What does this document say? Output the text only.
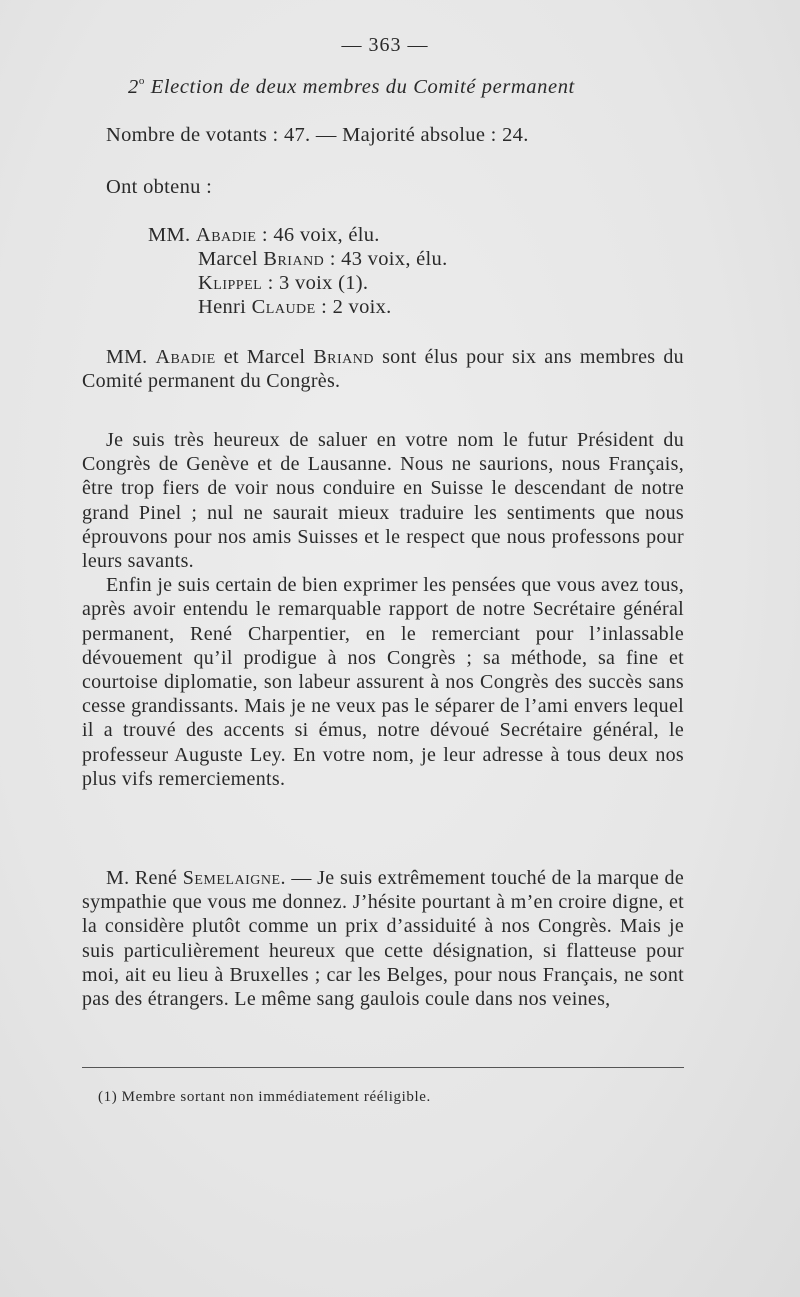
— 363 —
2$^o$ Election de deux membres du Comité permanent
Nombre de votants : 47. — Majorité absolue : 24.
Ont obtenu :
MM. Abadie : 46 voix, élu.
Marcel Briand : 43 voix, élu.
Klippel : 3 voix (1).
Henri Claude : 2 voix.

MM. Abadie et Marcel Briand sont élus pour six ans membres du Comité permanent du Congrès.

Je suis très heureux de saluer en votre nom le futur Président du Congrès de Genève et de Lausanne. Nous ne saurions, nous Français, être trop fiers de voir nous conduire en Suisse le descendant de notre grand Pinel ; nul ne saurait mieux traduire les sentiments que nous éprouvons pour nos amis Suisses et le respect que nous professons pour leurs savants.

Enfin je suis certain de bien exprimer les pensées que vous avez tous, après avoir entendu le remarquable rapport de notre Secrétaire général permanent, René Charpentier, en le remerciant pour l’inlassable dévouement qu’il prodigue à nos Congrès ; sa méthode, sa fine et courtoise diplomatie, son labeur assurent à nos Congrès des succès sans cesse grandissants. Mais je ne veux pas le séparer de l’ami envers lequel il a trouvé des accents si émus, notre dévoué Secrétaire général, le professeur Auguste Ley. En votre nom, je leur adresse à tous deux nos plus vifs remerciements.

M. René Semelaigne. — Je suis extrêmement touché de la marque de sympathie que vous me donnez. J’hésite pourtant à m’en croire digne, et la considère plutôt comme un prix d’assiduité à nos Congrès. Mais je suis particulièrement heureux que cette désignation, si flatteuse pour moi, ait eu lieu à Bruxelles ; car les Belges, pour nous Français, ne sont pas des étrangers. Le même sang gaulois coule dans nos veines,

(1) Membre sortant non immédiatement rééligible.
